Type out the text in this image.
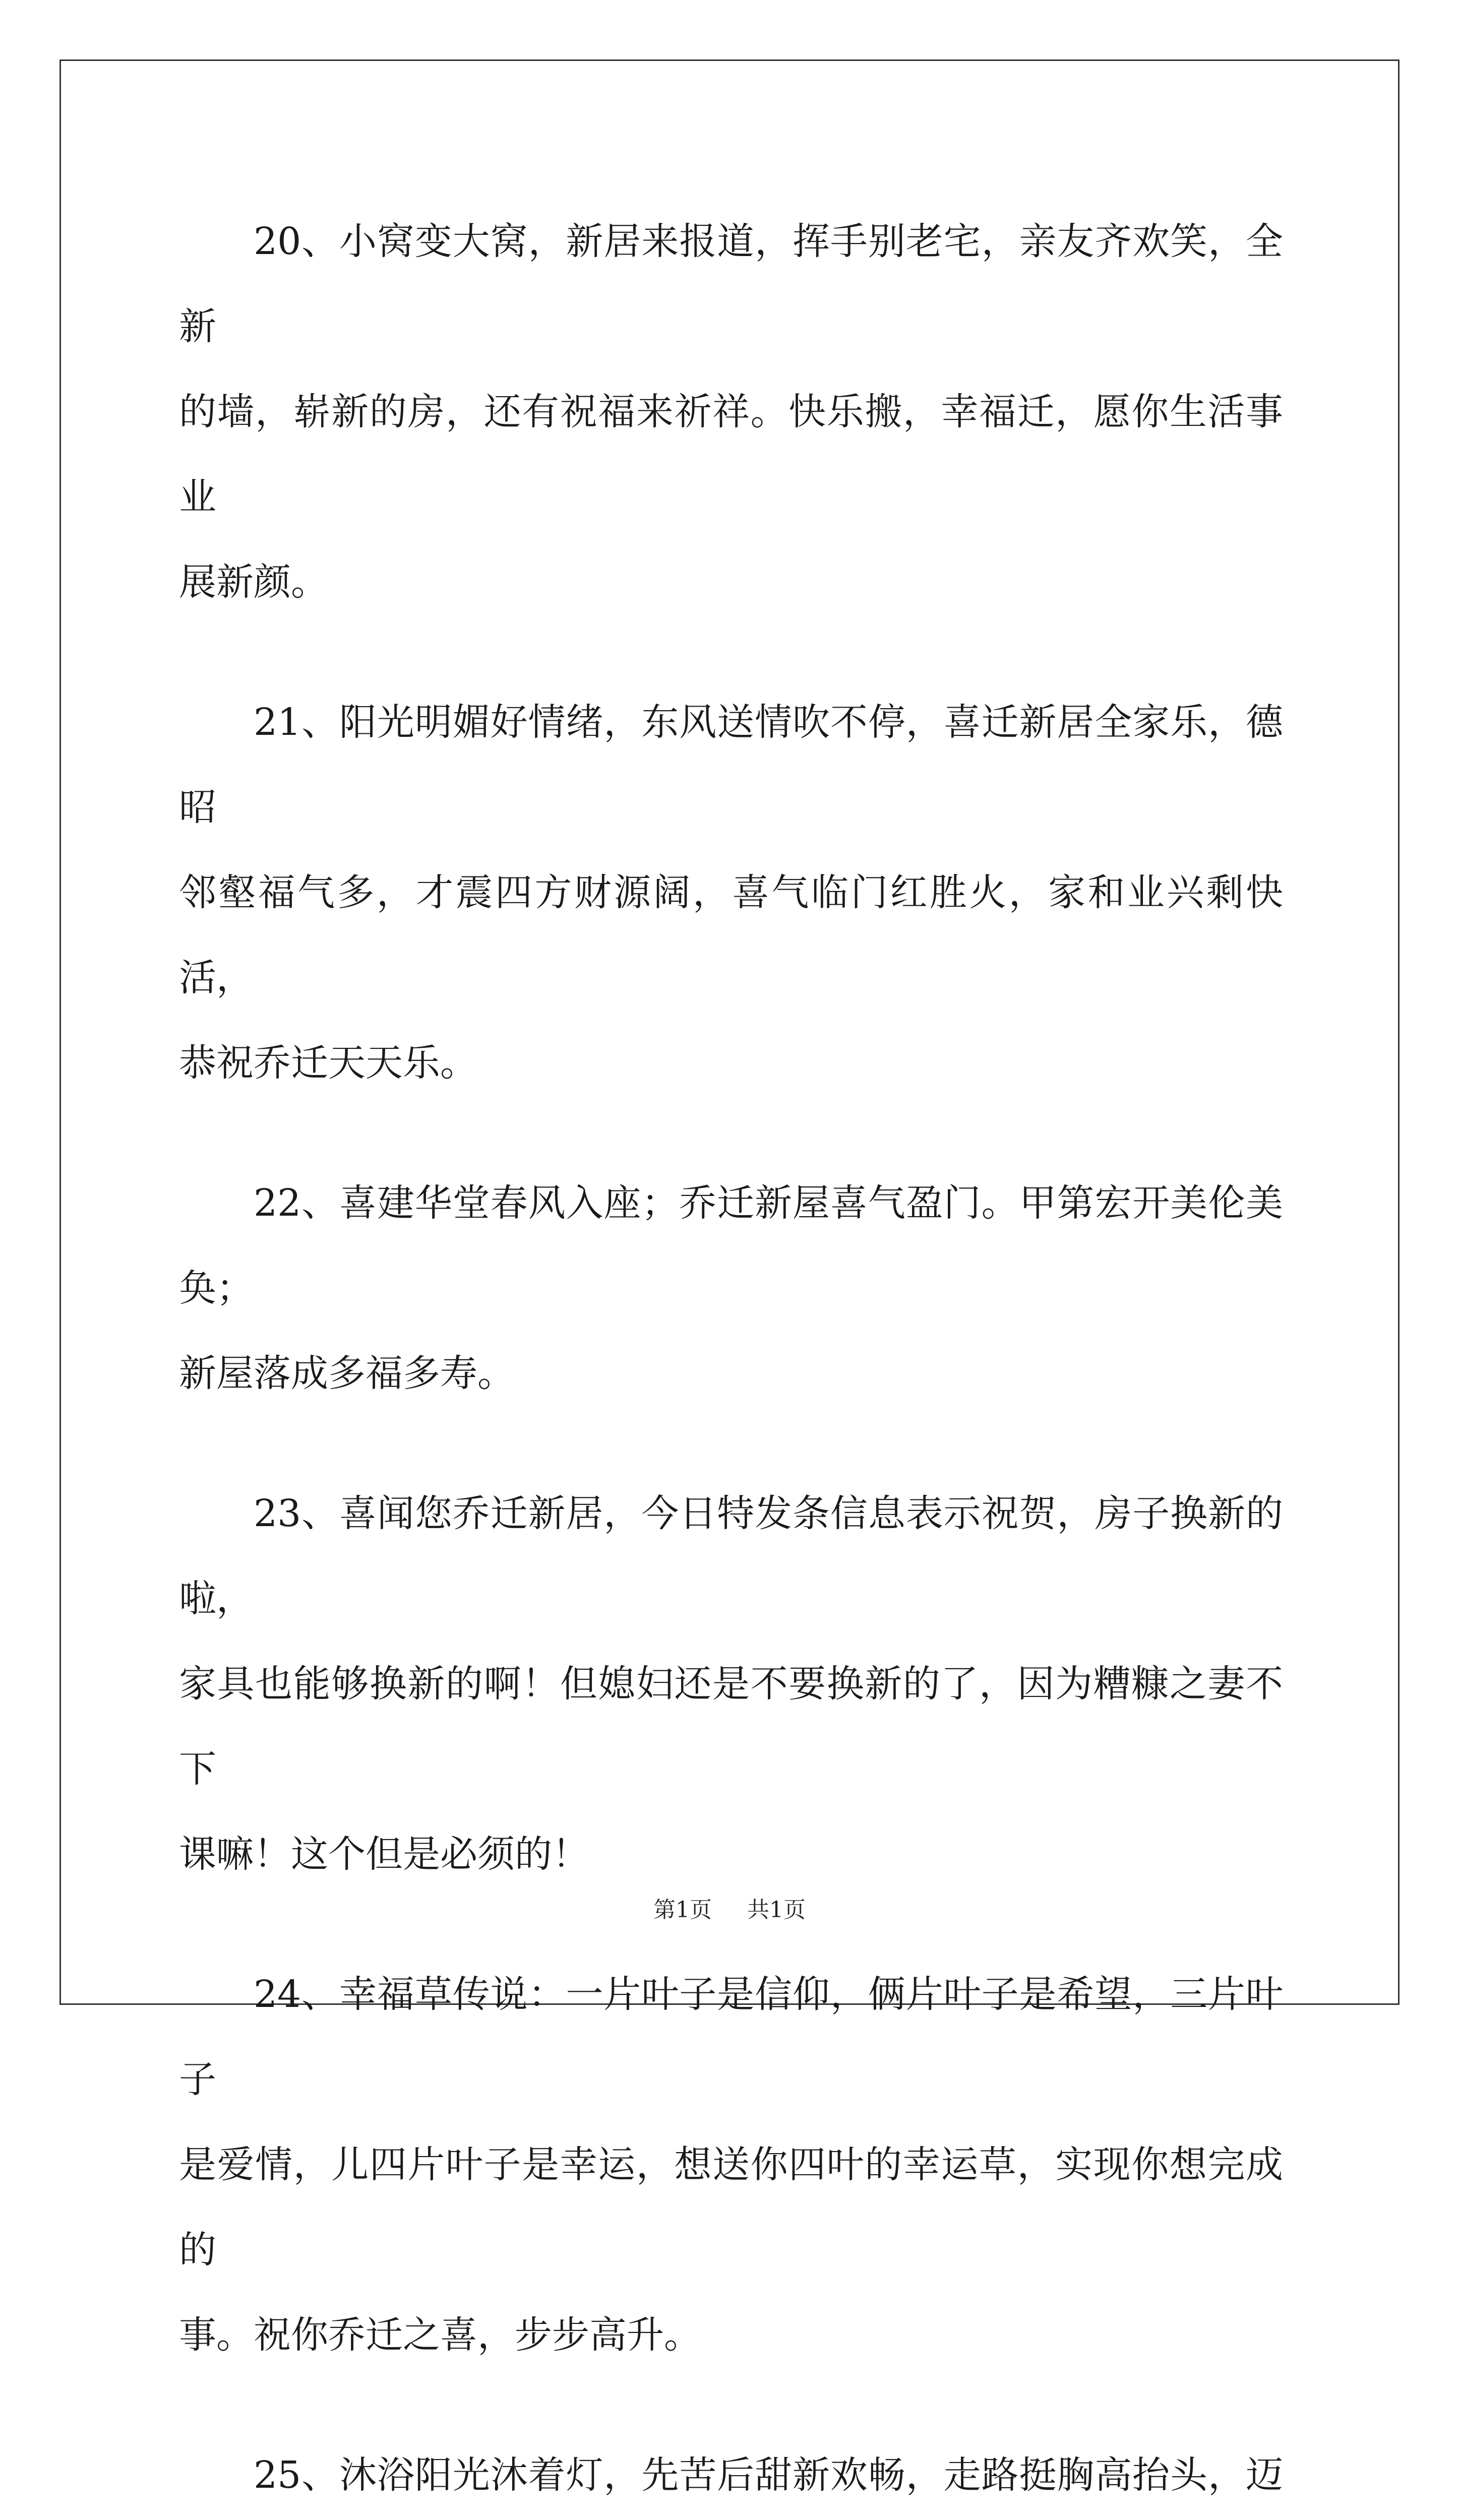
20、小窝变大窝，新居来报道，挥手别老宅，亲友齐欢笑，全新
的墙，崭新的房，还有祝福来祈祥。快乐搬，幸福迁，愿你生活事业
展新颜。

21、阳光明媚好情绪，东风送情吹不停，喜迁新居全家乐，德昭
邻壑福气多，才震四方财源阔，喜气临门红胜火，家和业兴剩快活，
恭祝乔迁天天乐。

22、喜建华堂春风入座；乔迁新屋喜气盈门。甲第宏开美伦美奂；
新屋落成多福多寿。

23、喜闻您乔迁新居，今日特发条信息表示祝贺，房子换新的啦，
家具也能够换新的啊！但媳妇还是不要换新的了，因为糟糠之妻不下
课嘛！这个但是必须的！

24、幸福草传说：一片叶子是信仰，俩片叶子是希望，三片叶子
是爱情，儿四片叶子是幸运，想送你四叶的幸运草，实现你想完成的
事。祝你乔迁之喜，步步高升。

25、沐浴阳光沐着灯，先苦后甜新欢畅，走路挺胸高抬头，迈

第1页 共1页
